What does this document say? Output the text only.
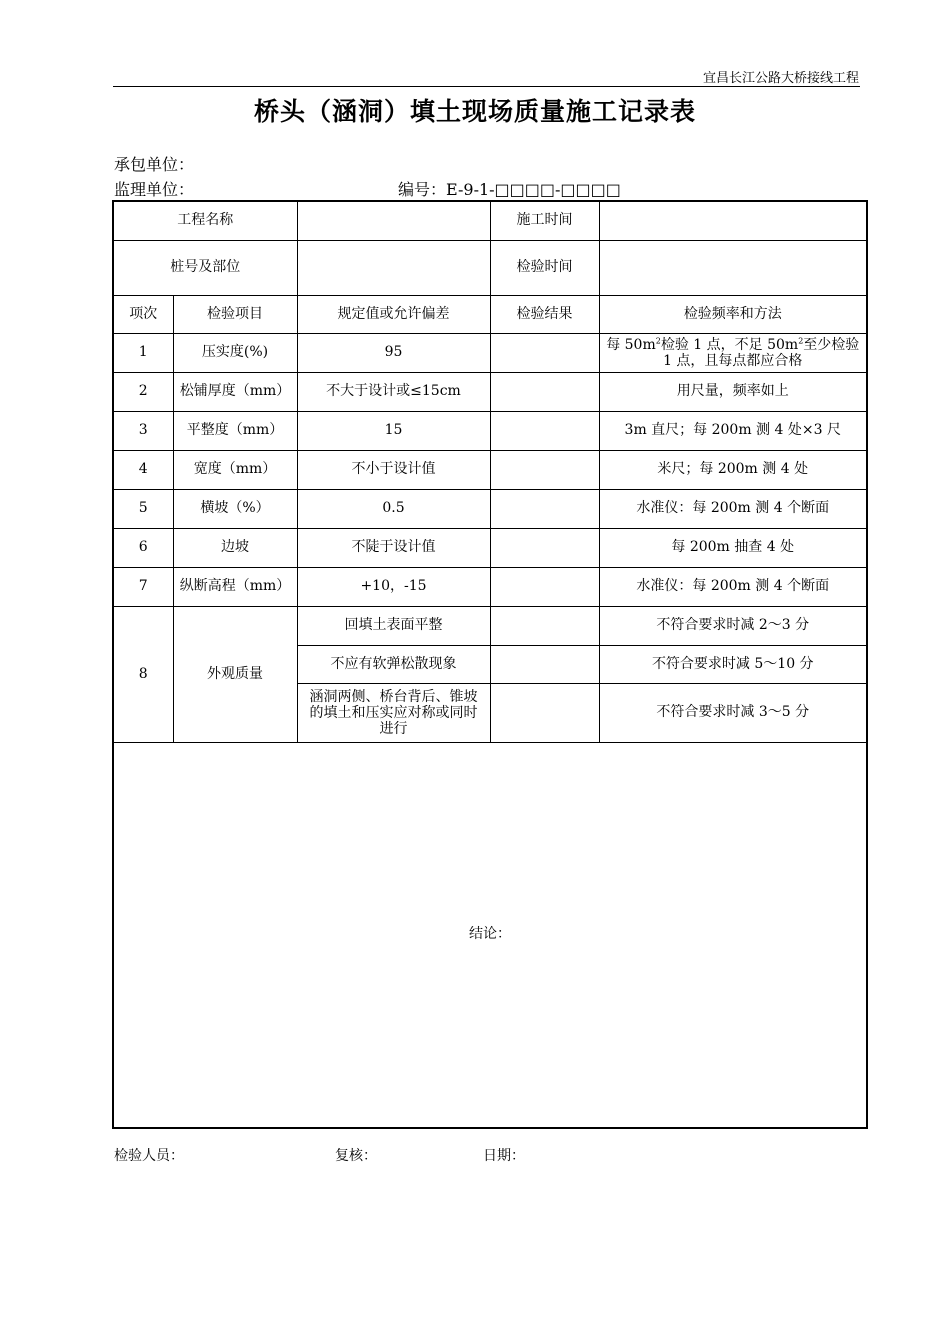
宜昌长江公路大桥接线工程
桥头（涵洞）填土现场质量施工记录表
承包单位：
监理单位：	编号：E-9-1-□□□□-□□□□
工程名称			施工时间	
桩号及部位			检验时间	
项次	检验项目	规定值或允许偏差	检验结果	检验频率和方法
1	压实度(%)	95		每 $50m^2$检验 1 点，不足 $50m^2$至少检验 1 点，且每点都应合格
2	松铺厚度（mm）	不大于设计或≤15cm		用尺量，频率如上
3	平整度（mm）	15		3m 直尺；每 200m 测 4 处×3 尺
4	宽度（mm）	不小于设计值		米尺；每 200m 测 4 处
5	横坡（%）	0.5		水准仪：每 200m 测 4 个断面
6	边坡	不陡于设计值		每 200m 抽查 4 处
7	纵断高程（mm）	+10，-15		水准仪：每 200m 测 4 个断面
8	外观质量	回填土表面平整		不符合要求时减 2～3 分
		不应有软弹松散现象		不符合要求时减 5～10 分
		涵洞两侧、桥台背后、锥坡的填土和压实应对称或同时进行		不符合要求时减 3～5 分
结论：				
检验人员：	复核：	日期：
